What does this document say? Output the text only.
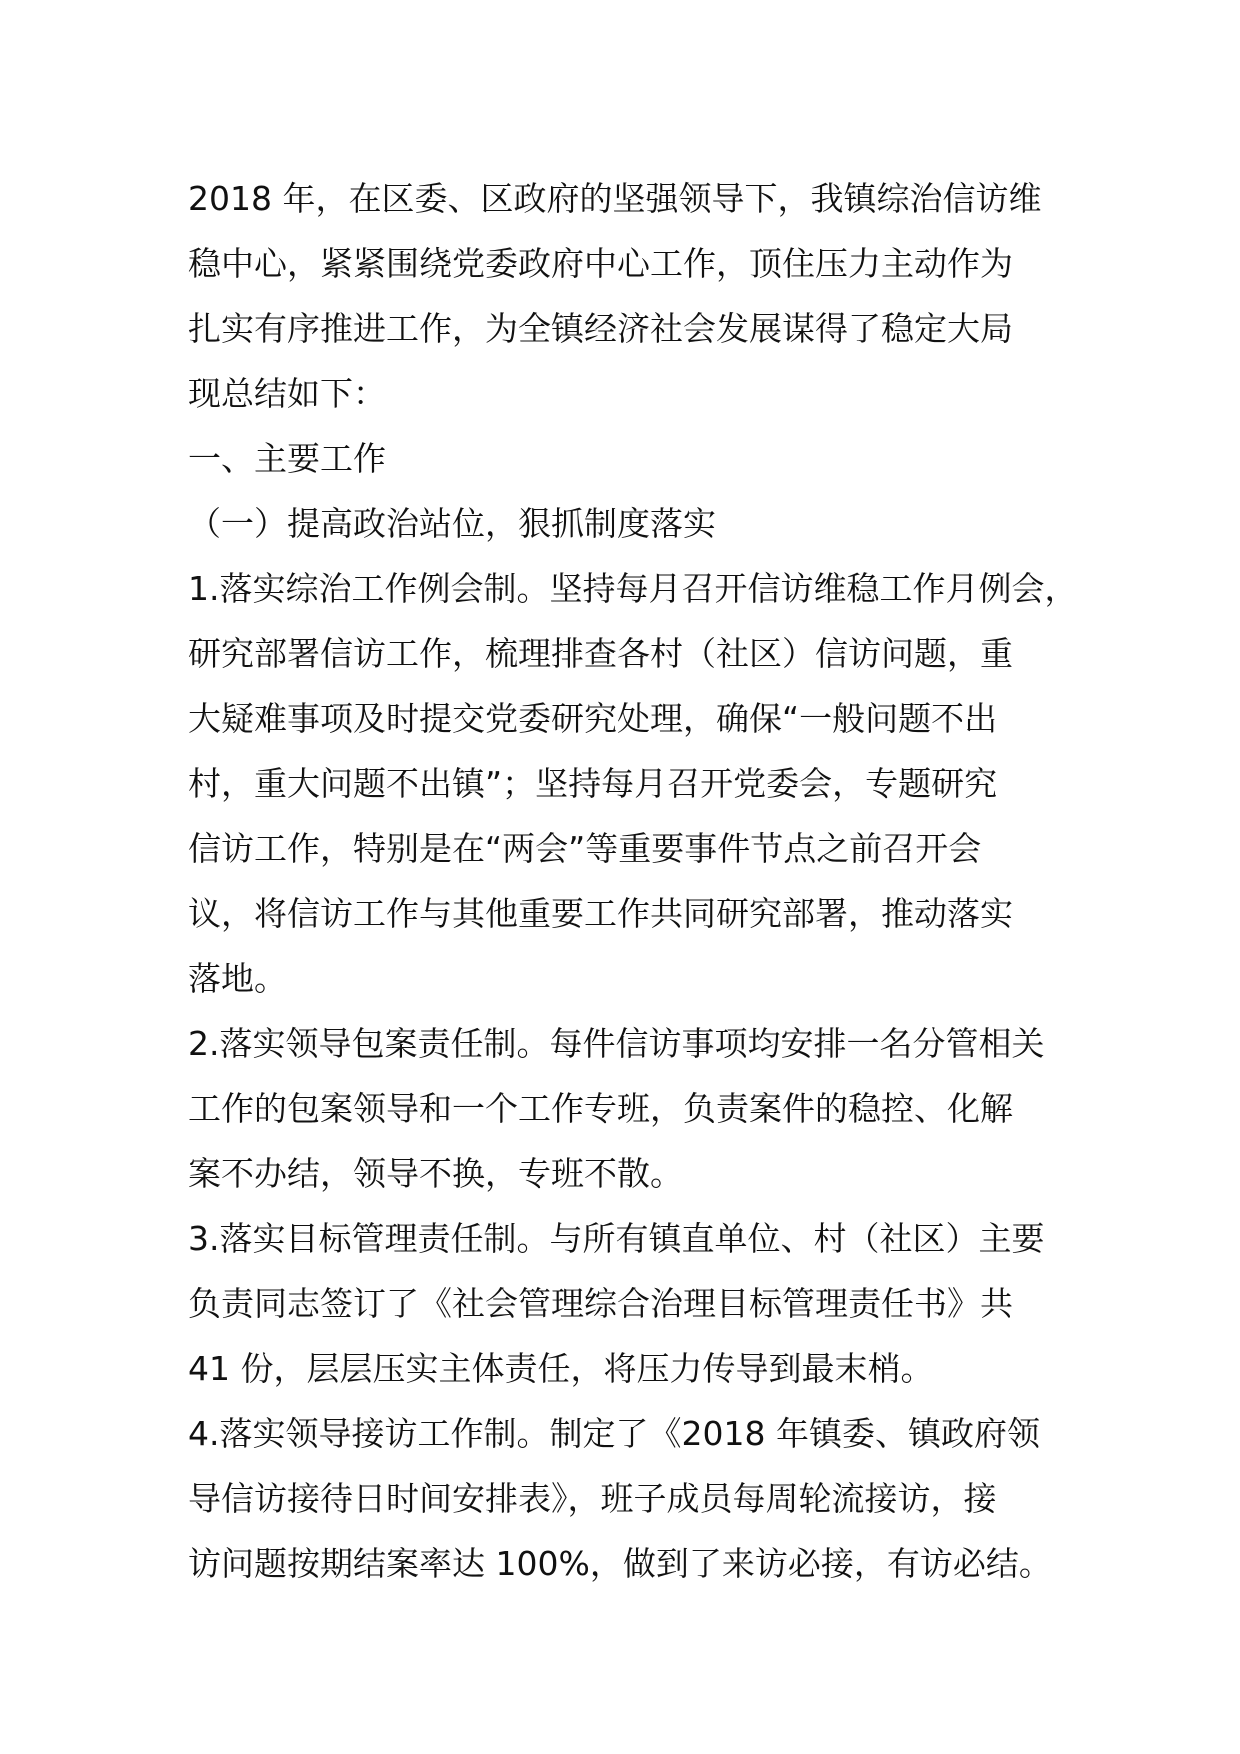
2018 年，在区委、区政府的坚强领导下，我镇综治信访维
稳中心，紧紧围绕党委政府中心工作，顶住压力主动作为
扎实有序推进工作，为全镇经济社会发展谋得了稳定大局
现总结如下：
一、主要工作
（一）提高政治站位，狠抓制度落实
1.落实综治工作例会制。坚持每月召开信访维稳工作月例会，
研究部署信访工作，梳理排查各村（社区）信访问题，重
大疑难事项及时提交党委研究处理，确保“一般问题不出
村，重大问题不出镇”；坚持每月召开党委会，专题研究
信访工作，特别是在“两会”等重要事件节点之前召开会
议，将信访工作与其他重要工作共同研究部署，推动落实
落地。
2.落实领导包案责任制。每件信访事项均安排一名分管相关
工作的包案领导和一个工作专班，负责案件的稳控、化解
案不办结，领导不换，专班不散。
3.落实目标管理责任制。与所有镇直单位、村（社区）主要
负责同志签订了《社会管理综合治理目标管理责任书》共
41 份，层层压实主体责任，将压力传导到最末梢。
4.落实领导接访工作制。制定了《2018 年镇委、镇政府领
导信访接待日时间安排表》，班子成员每周轮流接访，接
访问题按期结案率达 100%，做到了来访必接，有访必结。
